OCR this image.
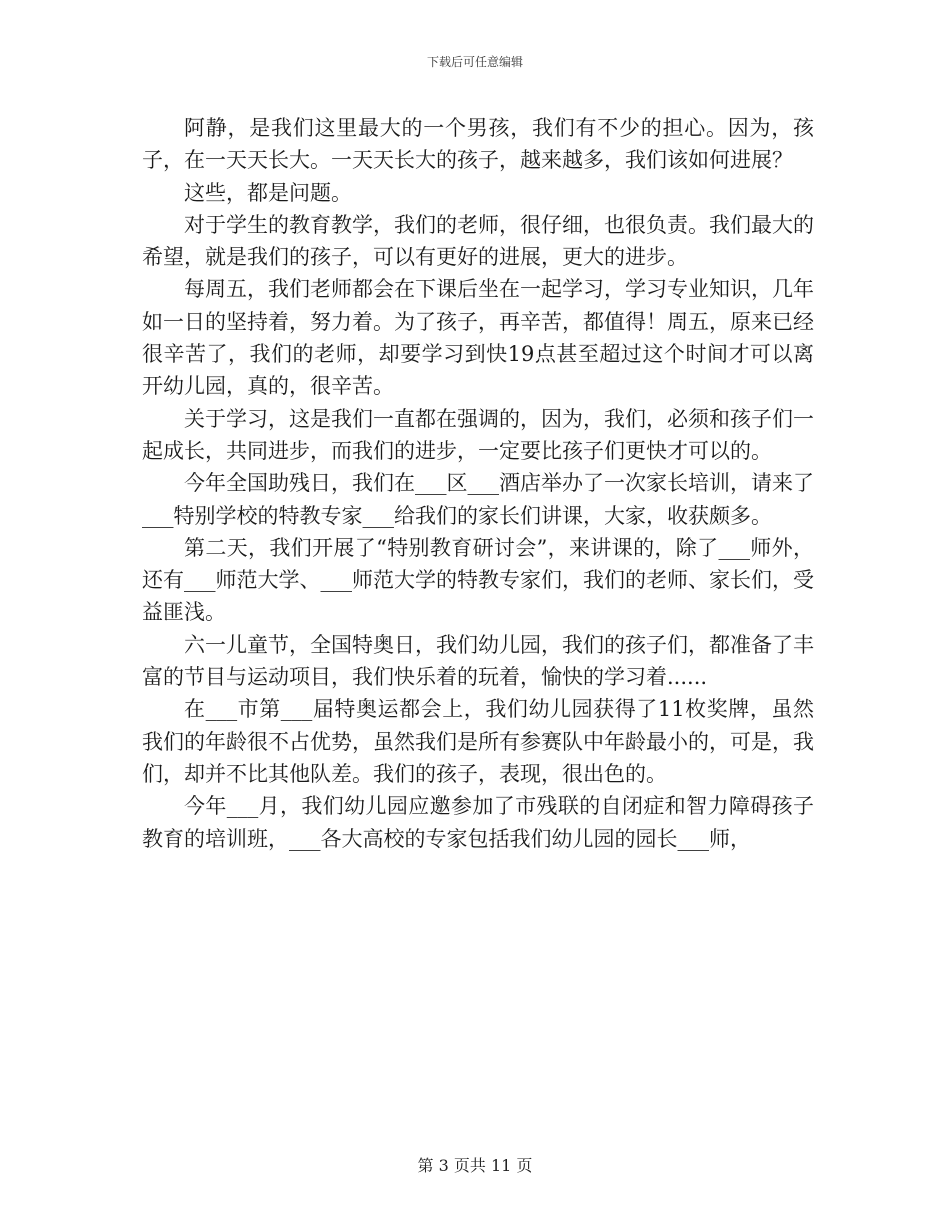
下载后可任意编辑

阿静，是我们这里最大的一个男孩，我们有不少的担心。因为，孩子，在一天天长大。一天天长大的孩子，越来越多，我们该如何进展？

这些，都是问题。

对于学生的教育教学，我们的老师，很仔细，也很负责。我们最大的希望，就是我们的孩子，可以有更好的进展，更大的进步。

每周五，我们老师都会在下课后坐在一起学习，学习专业知识，几年如一日的坚持着，努力着。为了孩子，再辛苦，都值得！周五，原来已经很辛苦了，我们的老师，却要学习到快19点甚至超过这个时间才可以离开幼儿园，真的，很辛苦。

关于学习，这是我们一直都在强调的，因为，我们，必须和孩子们一起成长，共同进步，而我们的进步，一定要比孩子们更快才可以的。

今年全国助残日，我们在___区___酒店举办了一次家长培训，请来了___特别学校的特教专家___给我们的家长们讲课，大家，收获颇多。

第二天，我们开展了“特别教育研讨会”，来讲课的，除了___师外，还有___师范大学、___师范大学的特教专家们，我们的老师、家长们，受益匪浅。

六一儿童节，全国特奥日，我们幼儿园，我们的孩子们，都准备了丰富的节目与运动项目，我们快乐着的玩着，愉快的学习着......

在___市第___届特奥运都会上，我们幼儿园获得了11枚奖牌，虽然我们的年龄很不占优势，虽然我们是所有参赛队中年龄最小的，可是，我们，却并不比其他队差。我们的孩子，表现，很出色的。

今年___月，我们幼儿园应邀参加了市残联的自闭症和智力障碍孩子教育的培训班，___各大高校的专家包括我们幼儿园的园长___师，

第 3 页共 11 页
